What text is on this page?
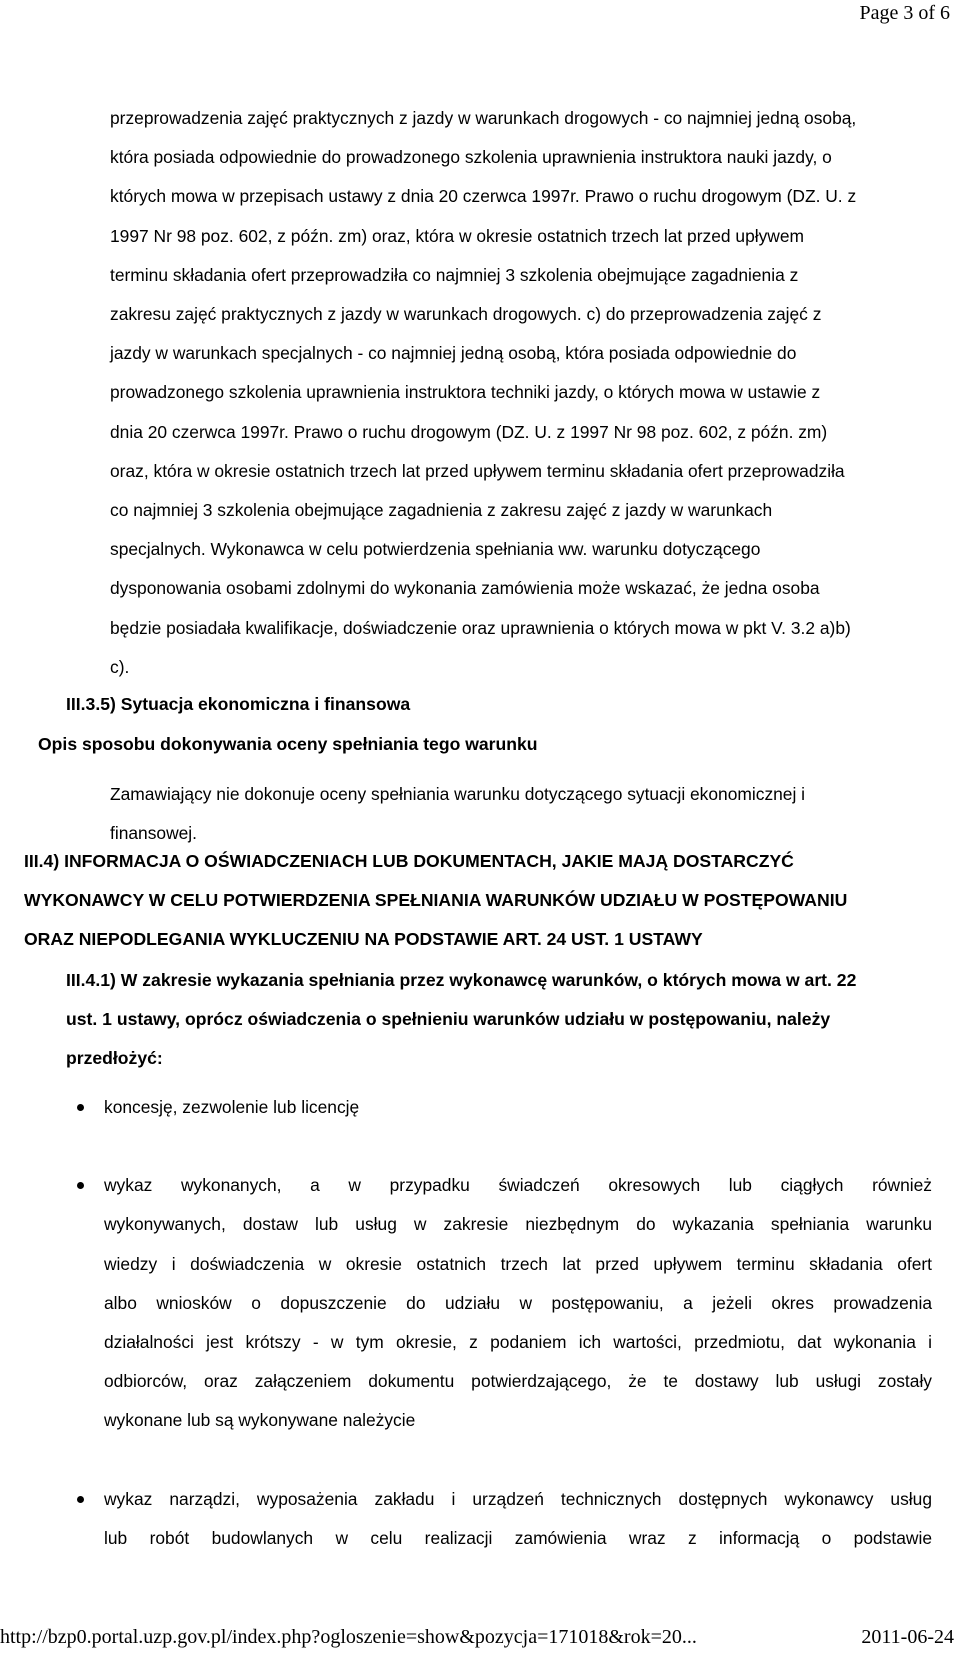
Page 3 of 6

przeprowadzenia zajęć praktycznych z jazdy w warunkach drogowych - co najmniej jedną osobą,
która posiada odpowiednie do prowadzonego szkolenia uprawnienia instruktora nauki jazdy, o
których mowa w przepisach ustawy z dnia 20 czerwca 1997r. Prawo o ruchu drogowym (DZ. U. z
1997 Nr 98 poz. 602, z późn. zm) oraz, która w okresie ostatnich trzech lat przed upływem
terminu składania ofert przeprowadziła co najmniej 3 szkolenia obejmujące zagadnienia z
zakresu zajęć praktycznych z jazdy w warunkach drogowych. c) do przeprowadzenia zajęć z
jazdy w warunkach specjalnych - co najmniej jedną osobą, która posiada odpowiednie do
prowadzonego szkolenia uprawnienia instruktora techniki jazdy, o których mowa w ustawie z
dnia 20 czerwca 1997r. Prawo o ruchu drogowym (DZ. U. z 1997 Nr 98 poz. 602, z późn. zm)
oraz, która w okresie ostatnich trzech lat przed upływem terminu składania ofert przeprowadziła
co najmniej 3 szkolenia obejmujące zagadnienia z zakresu zajęć z jazdy w warunkach
specjalnych. Wykonawca w celu potwierdzenia spełniania ww. warunku dotyczącego
dysponowania osobami zdolnymi do wykonania zamówienia może wskazać, że jedna osoba
będzie posiadała kwalifikacje, doświadczenie oraz uprawnienia o których mowa w pkt V. 3.2 a)b)
c).

III.3.5) Sytuacja ekonomiczna i finansowa
Opis sposobu dokonywania oceny spełniania tego warunku

Zamawiający nie dokonuje oceny spełniania warunku dotyczącego sytuacji ekonomicznej i
finansowej.

III.4) INFORMACJA O OŚWIADCZENIACH LUB DOKUMENTACH, JAKIE MAJĄ DOSTARCZYĆ
WYKONAWCY W CELU POTWIERDZENIA SPEŁNIANIA WARUNKÓW UDZIAŁU W POSTĘPOWANIU
ORAZ NIEPODLEGANIA WYKLUCZENIU NA PODSTAWIE ART. 24 UST. 1 USTAWY
III.4.1) W zakresie wykazania spełniania przez wykonawcę warunków, o których mowa w art. 22
ust. 1 ustawy, oprócz oświadczenia o spełnieniu warunków udziału w postępowaniu, należy
przedłożyć:
koncesję, zezwolenie lub licencję
wykaz wykonanych, a w przypadku świadczeń okresowych lub ciągłych również
wykonywanych, dostaw lub usług w zakresie niezbędnym do wykazania spełniania warunku
wiedzy i doświadczenia w okresie ostatnich trzech lat przed upływem terminu składania ofert
albo wniosków o dopuszczenie do udziału w postępowaniu, a jeżeli okres prowadzenia
działalności jest krótszy - w tym okresie, z podaniem ich wartości, przedmiotu, dat wykonania i
odbiorców, oraz załączeniem dokumentu potwierdzającego, że te dostawy lub usługi zostały
wykonane lub są wykonywane należycie
wykaz narządzi, wyposażenia zakładu i urządzeń technicznych dostępnych wykonawcy usług
lub robót budowlanych w celu realizacji zamówienia wraz z informacją o podstawie
http://bzp0.portal.uzp.gov.pl/index.php?ogloszenie=show&pozycja=171018&rok=20...	2011-06-24
